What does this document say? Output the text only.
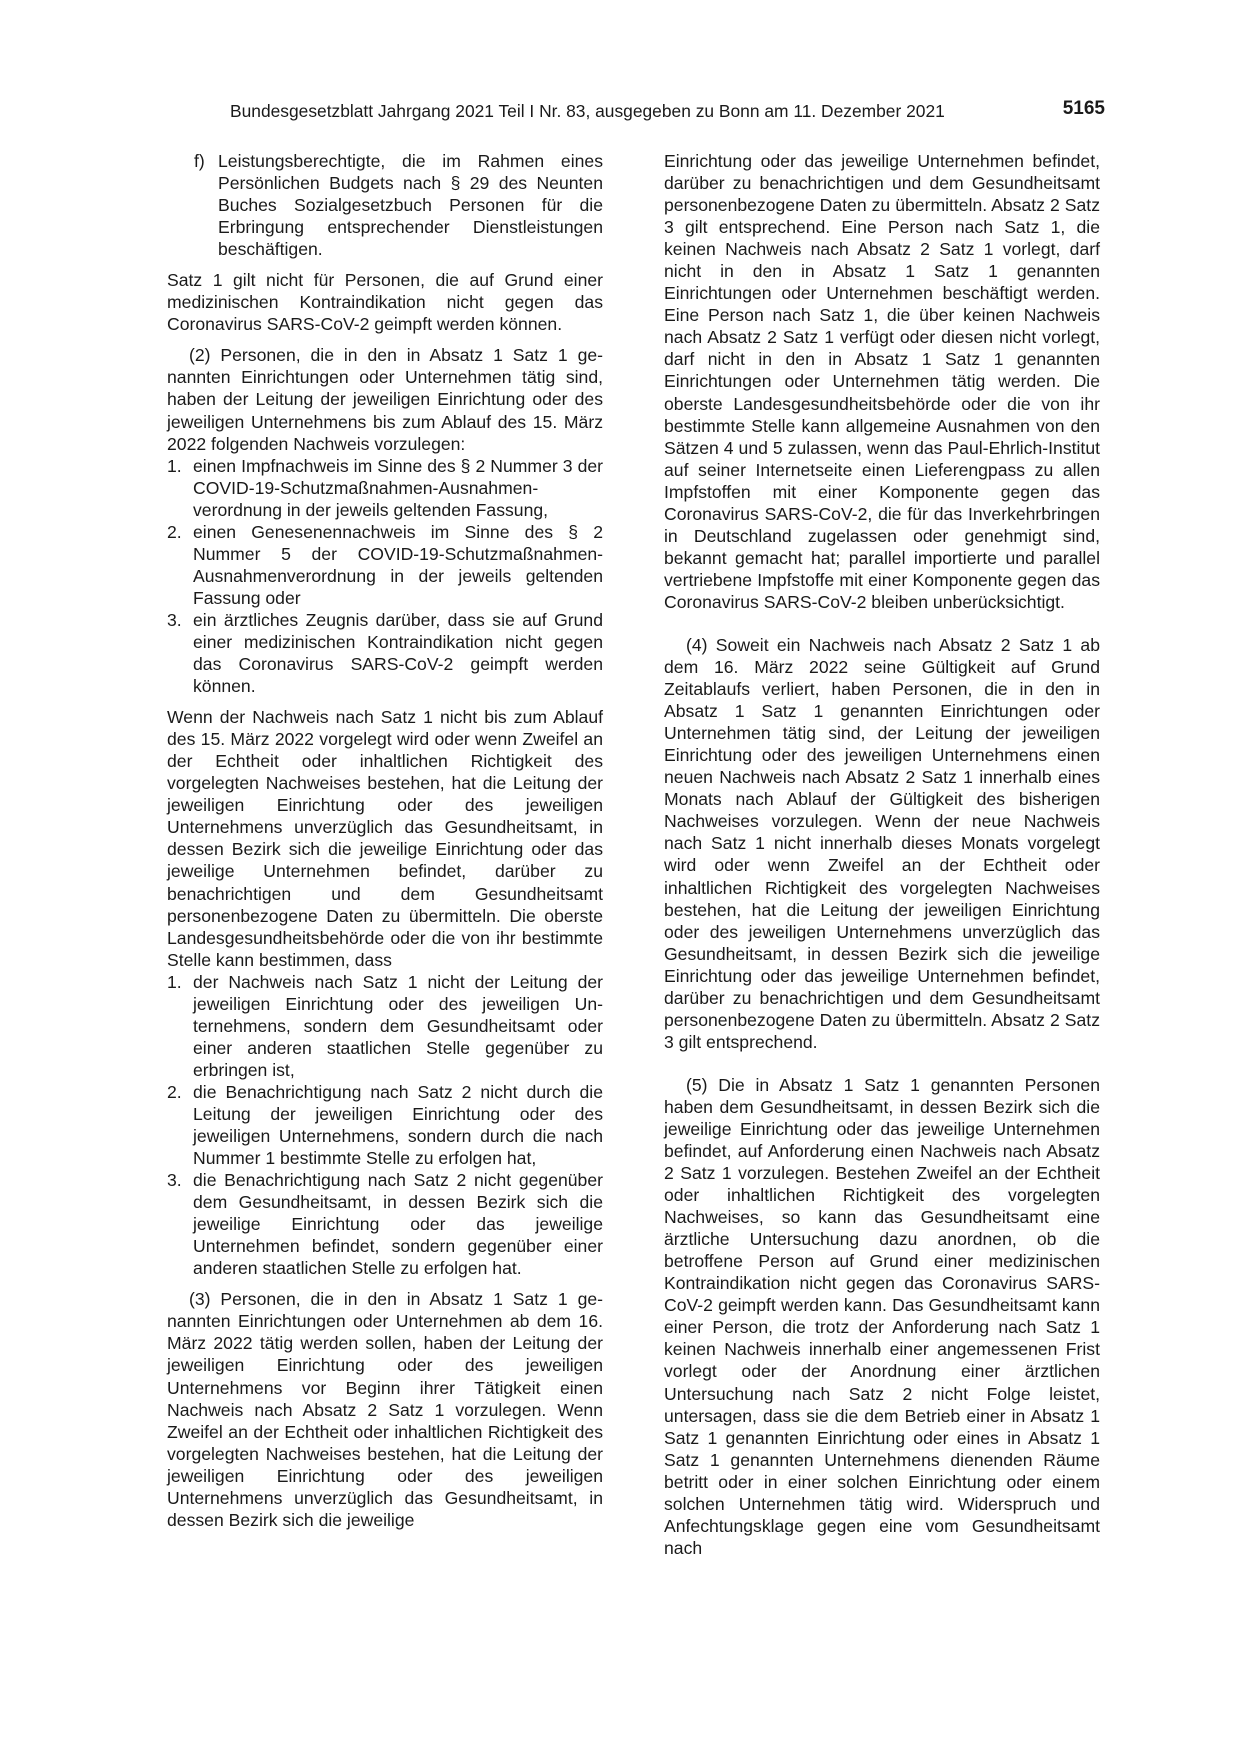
Bundesgesetzblatt Jahrgang 2021 Teil I Nr. 83, ausgegeben zu Bonn am 11. Dezember 2021	5165
f) Leistungsberechtigte, die im Rahmen eines Persönlichen Budgets nach § 29 des Neunten Buches Sozialgesetzbuch Personen für die Erbringung entsprechender Dienstleistungen beschäftigen.

Satz 1 gilt nicht für Personen, die auf Grund einer medizinischen Kontraindikation nicht gegen das Coronavirus SARS-CoV-2 geimpft werden können.

(2) Personen, die in den in Absatz 1 Satz 1 genannten Einrichtungen oder Unternehmen tätig sind, haben der Leitung der jeweiligen Einrichtung oder des jeweiligen Unternehmens bis zum Ablauf des 15. März 2022 folgenden Nachweis vorzulegen:

1. einen Impfnachweis im Sinne des § 2 Nummer 3 der COVID-19-Schutzmaßnahmen-Ausnahmenverordnung in der jeweils geltenden Fassung,
2. einen Genesenennachweis im Sinne des § 2 Nummer 5 der COVID-19-Schutzmaßnahmen-Ausnahmenverordnung in der jeweils geltenden Fassung oder
3. ein ärztliches Zeugnis darüber, dass sie auf Grund einer medizinischen Kontraindikation nicht gegen das Coronavirus SARS-CoV-2 geimpft werden können.

Wenn der Nachweis nach Satz 1 nicht bis zum Ablauf des 15. März 2022 vorgelegt wird oder wenn Zweifel an der Echtheit oder inhaltlichen Richtigkeit des vorgelegten Nachweises bestehen, hat die Leitung der jeweiligen Einrichtung oder des jeweiligen Unternehmens unverzüglich das Gesundheitsamt, in dessen Bezirk sich die jeweilige Einrichtung oder das jeweilige Unternehmen befindet, darüber zu benachrichtigen und dem Gesundheitsamt personenbezogene Daten zu übermitteln. Die oberste Landesgesundheitsbehörde oder die von ihr bestimmte Stelle kann bestimmen, dass

1. der Nachweis nach Satz 1 nicht der Leitung der jeweiligen Einrichtung oder des jeweiligen Unternehmens, sondern dem Gesundheitsamt oder einer anderen staatlichen Stelle gegenüber zu erbringen ist,
2. die Benachrichtigung nach Satz 2 nicht durch die Leitung der jeweiligen Einrichtung oder des jeweiligen Unternehmens, sondern durch die nach Nummer 1 bestimmte Stelle zu erfolgen hat,
3. die Benachrichtigung nach Satz 2 nicht gegenüber dem Gesundheitsamt, in dessen Bezirk sich die jeweilige Einrichtung oder das jeweilige Unternehmen befindet, sondern gegenüber einer anderen staatlichen Stelle zu erfolgen hat.

(3) Personen, die in den in Absatz 1 Satz 1 genannten Einrichtungen oder Unternehmen ab dem 16. März 2022 tätig werden sollen, haben der Leitung der jeweiligen Einrichtung oder des jeweiligen Unternehmens vor Beginn ihrer Tätigkeit einen Nachweis nach Absatz 2 Satz 1 vorzulegen. Wenn Zweifel an der Echtheit oder inhaltlichen Richtigkeit des vorgelegten Nachweises bestehen, hat die Leitung der jeweiligen Einrichtung oder des jeweiligen Unternehmens unverzüglich das Gesundheitsamt, in dessen Bezirk sich die jeweilige

Einrichtung oder das jeweilige Unternehmen befindet, darüber zu benachrichtigen und dem Gesundheitsamt personenbezogene Daten zu übermitteln. Absatz 2 Satz 3 gilt entsprechend. Eine Person nach Satz 1, die keinen Nachweis nach Absatz 2 Satz 1 vorlegt, darf nicht in den in Absatz 1 Satz 1 genannten Einrichtungen oder Unternehmen beschäftigt werden. Eine Person nach Satz 1, die über keinen Nachweis nach Absatz 2 Satz 1 verfügt oder diesen nicht vorlegt, darf nicht in den in Absatz 1 Satz 1 genannten Einrichtungen oder Unternehmen tätig werden. Die oberste Landesgesundheitsbehörde oder die von ihr bestimmte Stelle kann allgemeine Ausnahmen von den Sätzen 4 und 5 zulassen, wenn das Paul-Ehrlich-Institut auf seiner Internetseite einen Lieferengpass zu allen Impfstoffen mit einer Komponente gegen das Coronavirus SARS-CoV-2, die für das Inverkehrbringen in Deutschland zugelassen oder genehmigt sind, bekannt gemacht hat; parallel importierte und parallel vertriebene Impfstoffe mit einer Komponente gegen das Coronavirus SARS-CoV-2 bleiben unberücksichtigt.

(4) Soweit ein Nachweis nach Absatz 2 Satz 1 ab dem 16. März 2022 seine Gültigkeit auf Grund Zeitablaufs verliert, haben Personen, die in den in Absatz 1 Satz 1 genannten Einrichtungen oder Unternehmen tätig sind, der Leitung der jeweiligen Einrichtung oder des jeweiligen Unternehmens einen neuen Nachweis nach Absatz 2 Satz 1 innerhalb eines Monats nach Ablauf der Gültigkeit des bisherigen Nachweises vorzulegen. Wenn der neue Nachweis nach Satz 1 nicht innerhalb dieses Monats vorgelegt wird oder wenn Zweifel an der Echtheit oder inhaltlichen Richtigkeit des vorgelegten Nachweises bestehen, hat die Leitung der jeweiligen Einrichtung oder des jeweiligen Unternehmens unverzüglich das Gesundheitsamt, in dessen Bezirk sich die jeweilige Einrichtung oder das jeweilige Unternehmen befindet, darüber zu benachrichtigen und dem Gesundheitsamt personenbezogene Daten zu übermitteln. Absatz 2 Satz 3 gilt entsprechend.

(5) Die in Absatz 1 Satz 1 genannten Personen haben dem Gesundheitsamt, in dessen Bezirk sich die jeweilige Einrichtung oder das jeweilige Unternehmen befindet, auf Anforderung einen Nachweis nach Absatz 2 Satz 1 vorzulegen. Bestehen Zweifel an der Echtheit oder inhaltlichen Richtigkeit des vorgelegten Nachweises, so kann das Gesundheitsamt eine ärztliche Untersuchung dazu anordnen, ob die betroffene Person auf Grund einer medizinischen Kontraindikation nicht gegen das Coronavirus SARS-CoV-2 geimpft werden kann. Das Gesundheitsamt kann einer Person, die trotz der Anforderung nach Satz 1 keinen Nachweis innerhalb einer angemessenen Frist vorlegt oder der Anordnung einer ärztlichen Untersuchung nach Satz 2 nicht Folge leistet, untersagen, dass sie die dem Betrieb einer in Absatz 1 Satz 1 genannten Einrichtung oder eines in Absatz 1 Satz 1 genannten Unternehmens dienenden Räume betritt oder in einer solchen Einrichtung oder einem solchen Unternehmen tätig wird. Widerspruch und Anfechtungsklage gegen eine vom Gesundheitsamt nach
